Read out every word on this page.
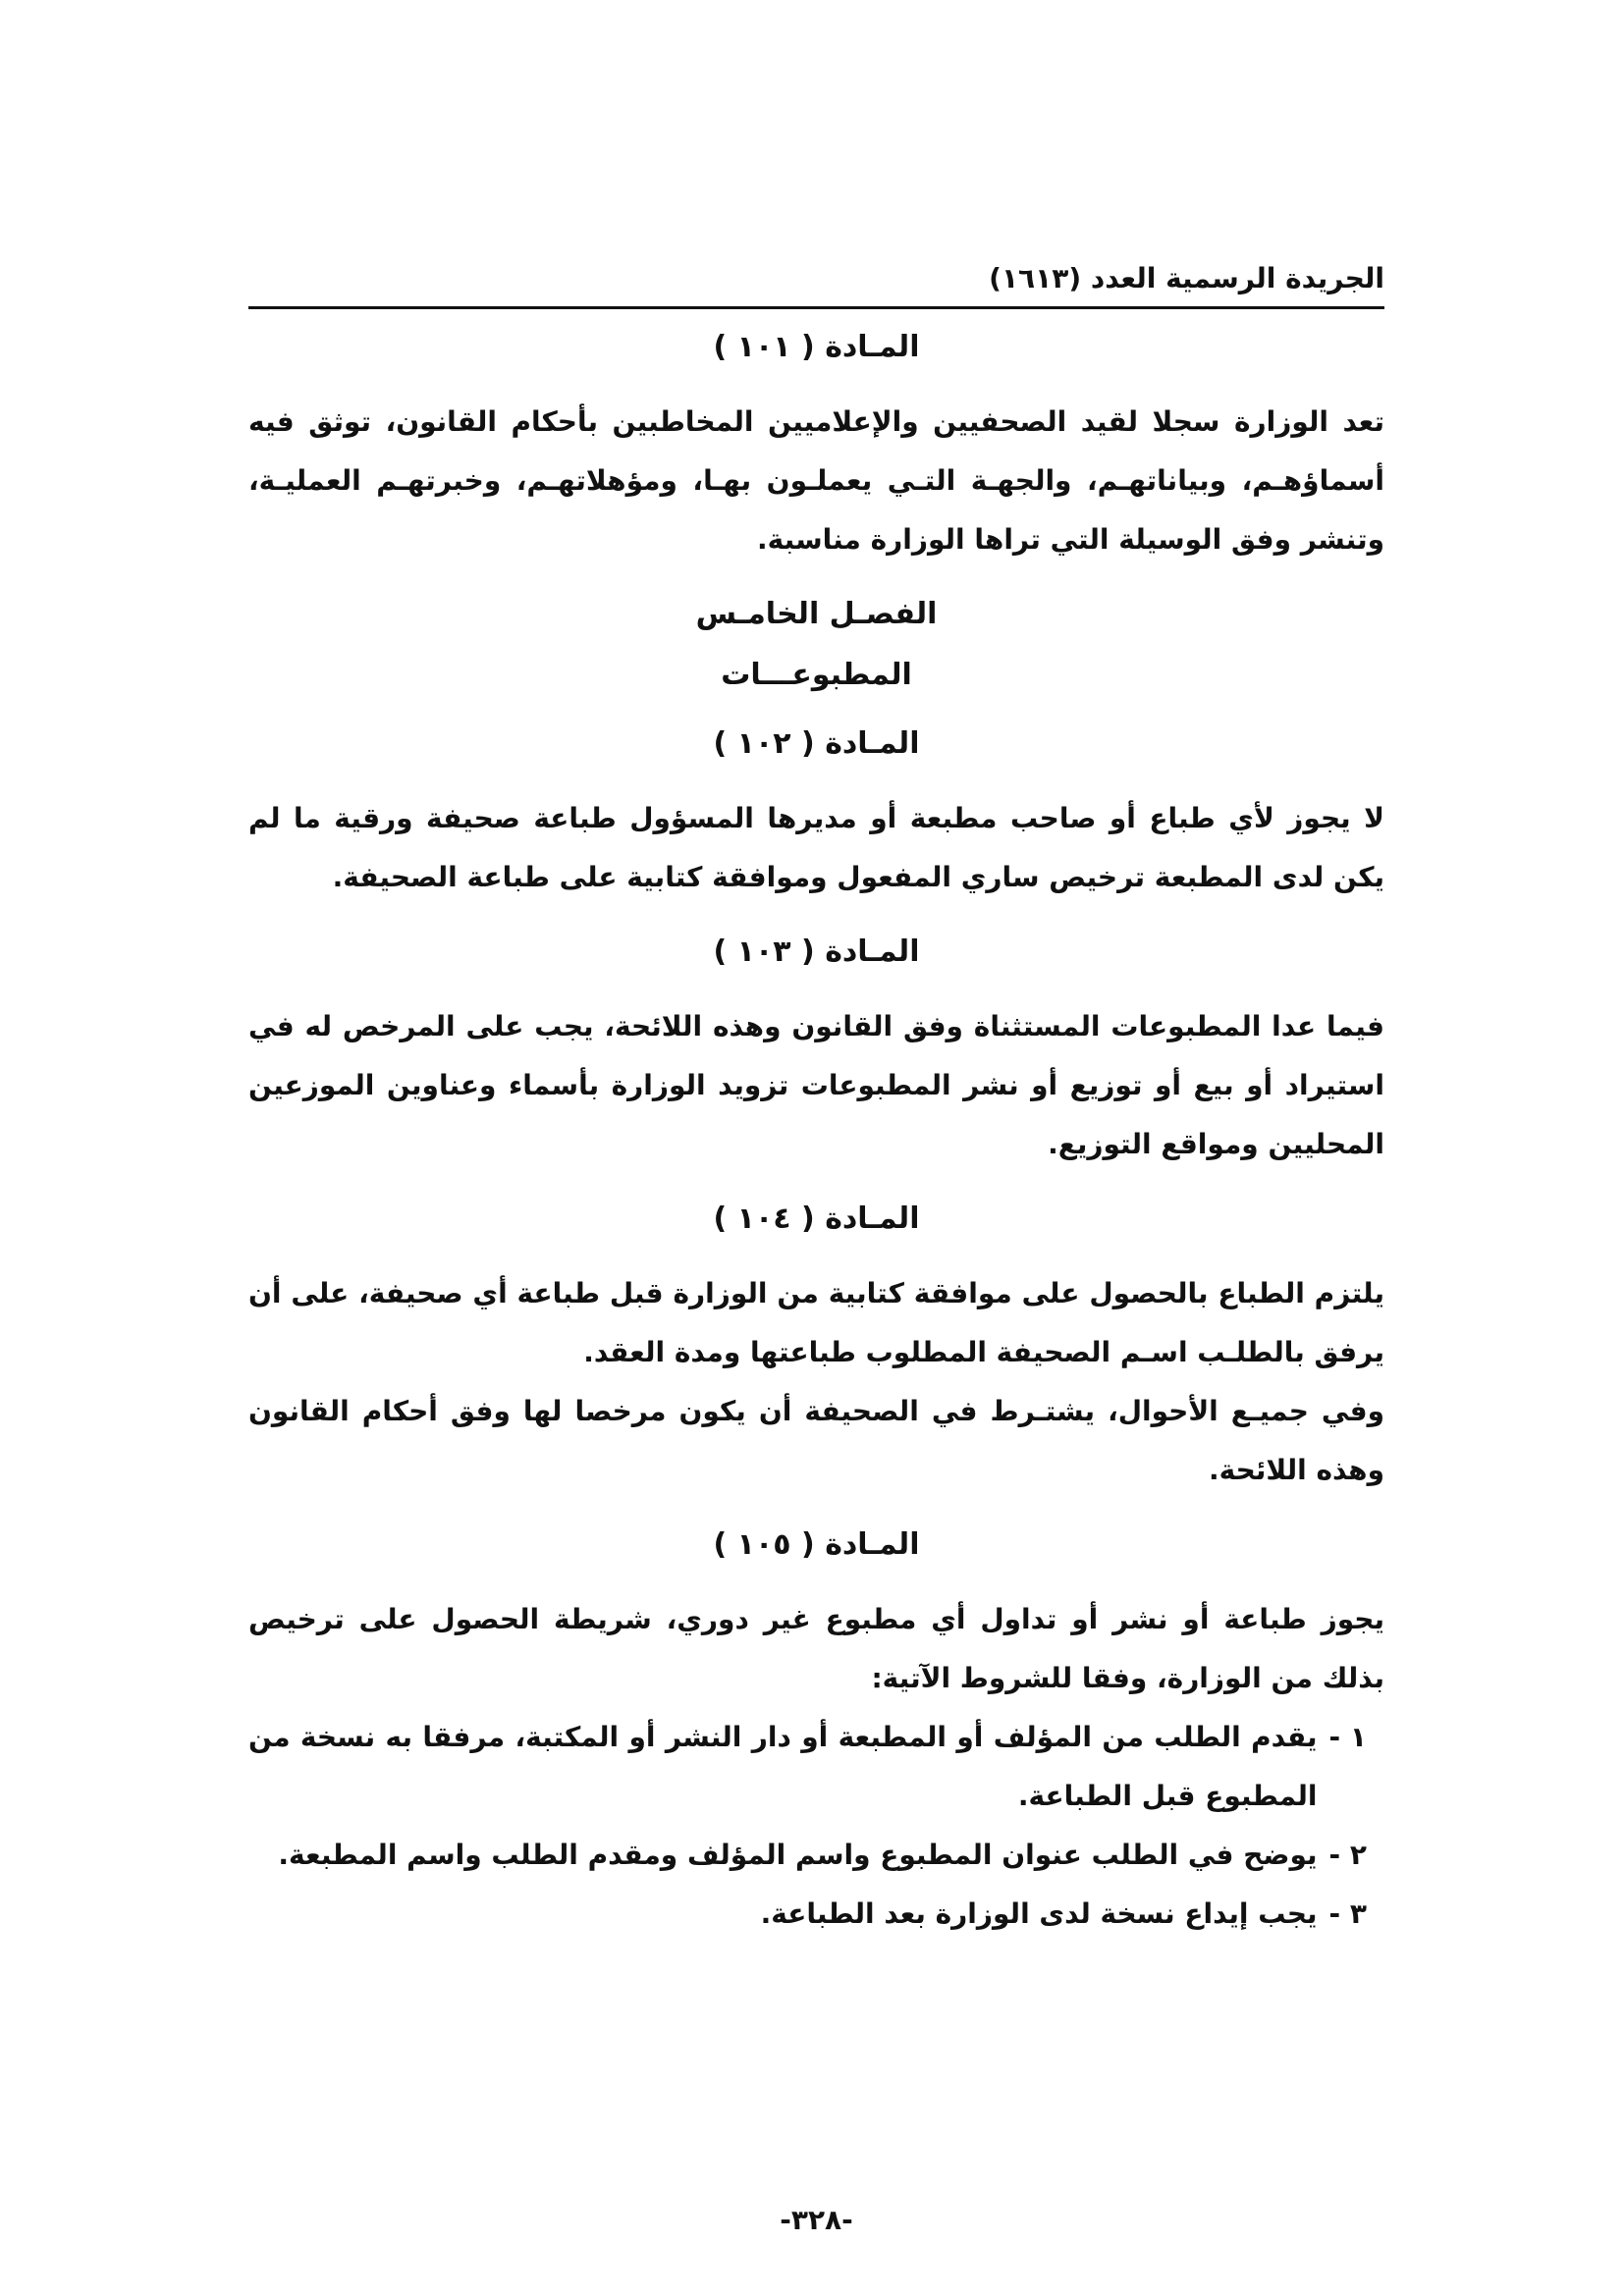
الجريدة الرسمية العدد (١٦١٣)
المـادة ( ١٠١ )

تعد الوزارة سجلا لقيد الصحفيين والإعلاميين المخاطبين بأحكام القانون، توثق فيه أسماؤهـم، وبياناتهـم، والجهـة التـي يعملـون بهـا، ومؤهلاتهـم، وخبرتهـم العمليـة، وتنشر وفق الوسيلة التي تراها الوزارة مناسبة.

الفصـل الخامـس
المطبوعـــات
المـادة ( ١٠٢ )

لا يجوز لأي طباع أو صاحب مطبعة أو مديرها المسؤول طباعة صحيفة ورقية ما لم يكن لدى المطبعة ترخيص ساري المفعول وموافقة كتابية على طباعة الصحيفة.

المـادة ( ١٠٣ )

فيما عدا المطبوعات المستثناة وفق القانون وهذه اللائحة، يجب على المرخص له في استيراد أو بيع أو توزيع أو نشر المطبوعات تزويد الوزارة بأسماء وعناوين الموزعين المحليين ومواقع التوزيع.

المـادة ( ١٠٤ )

يلتزم الطباع بالحصول على موافقة كتابية من الوزارة قبل طباعة أي صحيفة، على أن يرفق بالطلـب اسـم الصحيفة المطلوب طباعتها ومدة العقد.

وفي جميـع الأحوال، يشتـرط في الصحيفة أن يكون مرخصا لها وفق أحكام القانون وهذه اللائحة.

المـادة ( ١٠٥ )

يجوز طباعة أو نشر أو تداول أي مطبوع غير دوري، شريطة الحصول على ترخيص بذلك من الوزارة، وفقا للشروط الآتية:

١ -
يقدم الطلب من المؤلف أو المطبعة أو دار النشر أو المكتبة، مرفقا به نسخة من المطبوع قبل الطباعة.
٢ -
يوضح في الطلب عنوان المطبوع واسم المؤلف ومقدم الطلب واسم المطبعة.
٣ -
يجب إيداع نسخة لدى الوزارة بعد الطباعة.
-٣٢٨-
